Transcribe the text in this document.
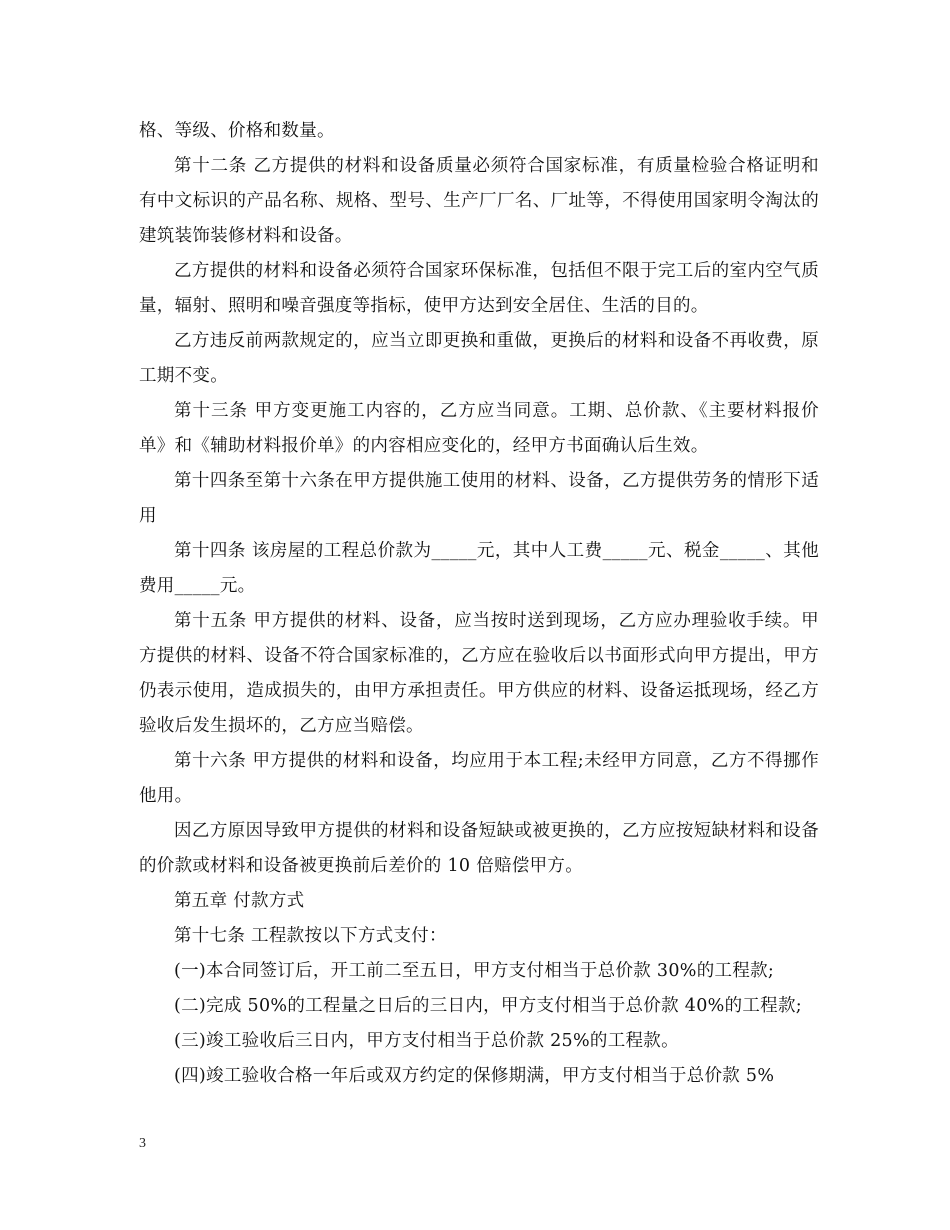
格、等级、价格和数量。

第十二条 乙方提供的材料和设备质量必须符合国家标准，有质量检验合格证明和有中文标识的产品名称、规格、型号、生产厂厂名、厂址等，不得使用国家明令淘汰的建筑装饰装修材料和设备。

乙方提供的材料和设备必须符合国家环保标准，包括但不限于完工后的室内空气质量，辐射、照明和噪音强度等指标，使甲方达到安全居住、生活的目的。

乙方违反前两款规定的，应当立即更换和重做，更换后的材料和设备不再收费，原工期不变。

第十三条 甲方变更施工内容的，乙方应当同意。工期、总价款、《主要材料报价单》和《辅助材料报价单》的内容相应变化的，经甲方书面确认后生效。

第十四条至第十六条在甲方提供施工使用的材料、设备，乙方提供劳务的情形下适用

第十四条 该房屋的工程总价款为_____元，其中人工费_____元、税金_____、其他费用_____元。

第十五条 甲方提供的材料、设备，应当按时送到现场，乙方应办理验收手续。甲方提供的材料、设备不符合国家标准的，乙方应在验收后以书面形式向甲方提出，甲方仍表示使用，造成损失的，由甲方承担责任。甲方供应的材料、设备运抵现场，经乙方验收后发生损坏的，乙方应当赔偿。

第十六条 甲方提供的材料和设备，均应用于本工程;未经甲方同意，乙方不得挪作他用。

因乙方原因导致甲方提供的材料和设备短缺或被更换的，乙方应按短缺材料和设备的价款或材料和设备被更换前后差价的 10 倍赔偿甲方。

第五章 付款方式

第十七条 工程款按以下方式支付：

(一)本合同签订后，开工前二至五日，甲方支付相当于总价款 30%的工程款;

(二)完成 50%的工程量之日后的三日内，甲方支付相当于总价款 40%的工程款;

(三)竣工验收后三日内，甲方支付相当于总价款 25%的工程款。

(四)竣工验收合格一年后或双方约定的保修期满，甲方支付相当于总价款 5%

3
